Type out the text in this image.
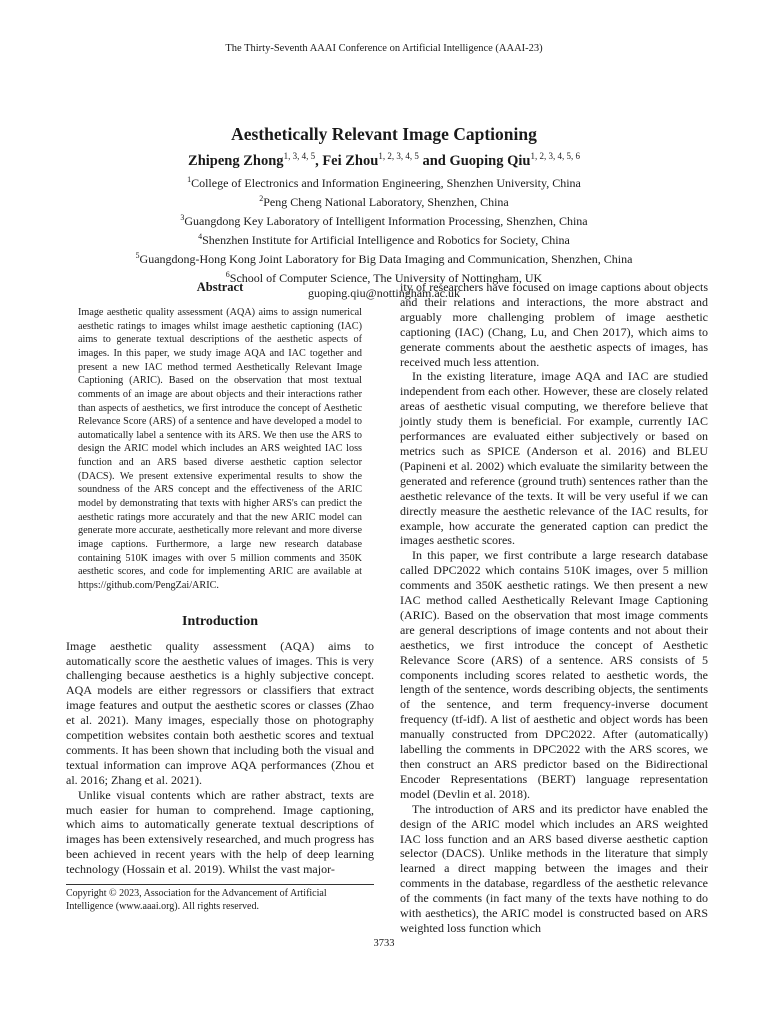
The Thirty-Seventh AAAI Conference on Artificial Intelligence (AAAI-23)
Aesthetically Relevant Image Captioning
Zhipeng Zhong$^{1, 3, 4, 5}$, Fei Zhou$^{1, 2, 3, 4, 5}$ and Guoping Qiu$^{1, 2, 3, 4, 5, 6}$
$^1$College of Electronics and Information Engineering, Shenzhen University, China
$^2$Peng Cheng National Laboratory, Shenzhen, China
$^3$Guangdong Key Laboratory of Intelligent Information Processing, Shenzhen, China
$^4$Shenzhen Institute for Artificial Intelligence and Robotics for Society, China
$^5$Guangdong-Hong Kong Joint Laboratory for Big Data Imaging and Communication, Shenzhen, China
$^6$School of Computer Science, The University of Nottingham, UK
guoping.qiu@nottingham.ac.uk
Abstract

Image aesthetic quality assessment (AQA) aims to assign numerical aesthetic ratings to images whilst image aesthetic captioning (IAC) aims to generate textual descriptions of the aesthetic aspects of images. In this paper, we study image AQA and IAC together and present a new IAC method termed Aesthetically Relevant Image Captioning (ARIC). Based on the observation that most textual comments of an image are about objects and their interactions rather than aspects of aesthetics, we first introduce the concept of Aesthetic Relevance Score (ARS) of a sentence and have developed a model to automatically label a sentence with its ARS. We then use the ARS to design the ARIC model which includes an ARS weighted IAC loss function and an ARS based diverse aesthetic caption selector (DACS). We present extensive experimental results to show the soundness of the ARS concept and the effectiveness of the ARIC model by demonstrating that texts with higher ARS's can predict the aesthetic ratings more accurately and that the new ARIC model can generate more accurate, aesthetically more relevant and more diverse image captions. Furthermore, a large new research database containing 510K images with over 5 million comments and 350K aesthetic scores, and code for implementing ARIC are available at https://github.com/PengZai/ARIC.

Introduction

Image aesthetic quality assessment (AQA) aims to automatically score the aesthetic values of images. This is very challenging because aesthetics is a highly subjective concept. AQA models are either regressors or classifiers that extract image features and output the aesthetic scores or classes (Zhao et al. 2021). Many images, especially those on photography competition websites contain both aesthetic scores and textual comments. It has been shown that including both the visual and textual information can improve AQA performances (Zhou et al. 2016; Zhang et al. 2021).

Unlike visual contents which are rather abstract, texts are much easier for human to comprehend. Image captioning, which aims to automatically generate textual descriptions of images has been extensively researched, and much progress has been achieved in recent years with the help of deep learning technology (Hossain et al. 2019). Whilst the vast major-

ity of researchers have focused on image captions about objects and their relations and interactions, the more abstract and arguably more challenging problem of image aesthetic captioning (IAC) (Chang, Lu, and Chen 2017), which aims to generate comments about the aesthetic aspects of images, has received much less attention.

In the existing literature, image AQA and IAC are studied independent from each other. However, these are closely related areas of aesthetic visual computing, we therefore believe that jointly study them is beneficial. For example, currently IAC performances are evaluated either subjectively or based on metrics such as SPICE (Anderson et al. 2016) and BLEU (Papineni et al. 2002) which evaluate the similarity between the generated and reference (ground truth) sentences rather than the aesthetic relevance of the texts. It will be very useful if we can directly measure the aesthetic relevance of the IAC results, for example, how accurate the generated caption can predict the images aesthetic scores.

In this paper, we first contribute a large research database called DPC2022 which contains 510K images, over 5 million comments and 350K aesthetic ratings. We then present a new IAC method called Aesthetically Relevant Image Captioning (ARIC). Based on the observation that most image comments are general descriptions of image contents and not about their aesthetics, we first introduce the concept of Aesthetic Relevance Score (ARS) of a sentence. ARS consists of 5 components including scores related to aesthetic words, the length of the sentence, words describing objects, the sentiments of the sentence, and term frequency-inverse document frequency (tf-idf). A list of aesthetic and object words has been manually constructed from DPC2022. After (automatically) labelling the comments in DPC2022 with the ARS scores, we then construct an ARS predictor based on the Bidirectional Encoder Representations (BERT) language representation model (Devlin et al. 2018).

The introduction of ARS and its predictor have enabled the design of the ARIC model which includes an ARS weighted IAC loss function and an ARS based diverse aesthetic caption selector (DACS). Unlike methods in the literature that simply learned a direct mapping between the images and their comments in the database, regardless of the aesthetic relevance of the comments (in fact many of the texts have nothing to do with aesthetics), the ARIC model is constructed based on ARS weighted loss function which

Copyright © 2023, Association for the Advancement of Artificial Intelligence (www.aaai.org). All rights reserved.
3733
